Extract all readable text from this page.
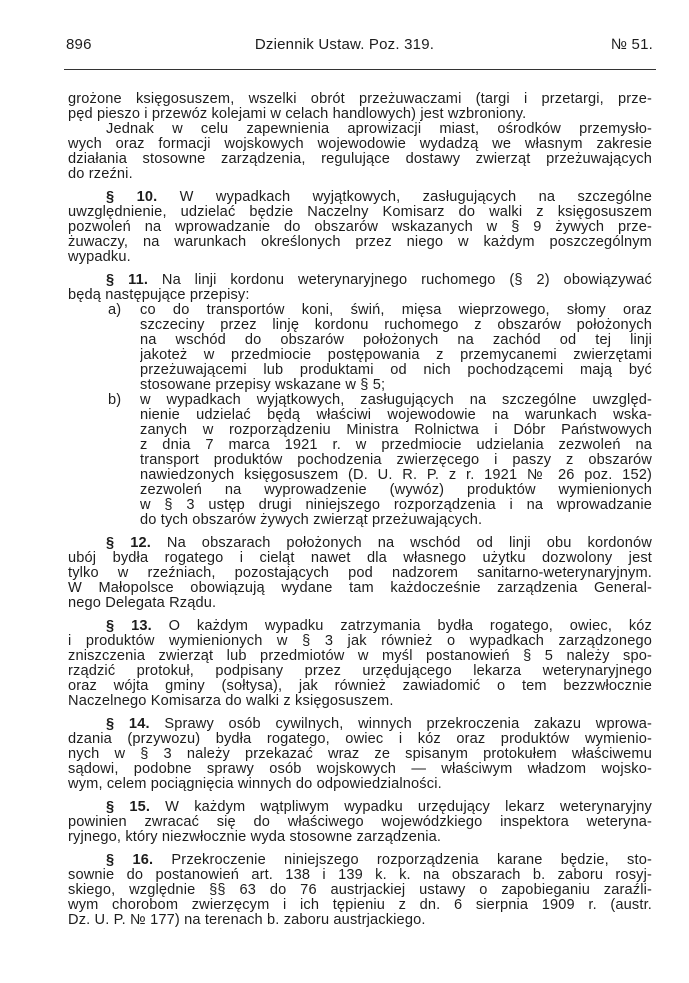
896	Dziennik Ustaw. Poz. 319.	№ 51.
grożone księgosuszem, wszelki obrót przeżuwaczami (targi i przetargi, prze-
pęd pieszo i przewóz kolejami w celach handlowych) jest wzbroniony.
Jednak w celu zapewnienia aprowizacji miast, ośrodków przemysło-
wych oraz formacji wojskowych wojewodowie wydadzą we własnym zakresie
działania stosowne zarządzenia, regulujące dostawy zwierząt przeżuwających
do rzeźni.
§ 10. W wypadkach wyjątkowych, zasługujących na szczególne
uwzględnienie, udzielać będzie Naczelny Komisarz do walki z księgosuszem
pozwoleń na wprowadzanie do obszarów wskazanych w § 9 żywych prze-
żuwaczy, na warunkach określonych przez niego w każdym poszczególnym
wypadku.
§ 11. Na linji kordonu weterynaryjnego ruchomego (§ 2) obowiązywać
będą następujące przepisy:
a) co do transportów koni, świń, mięsa wieprzowego, słomy oraz
szczeciny przez linję kordonu ruchomego z obszarów położonych
na wschód do obszarów położonych na zachód od tej linji
jakoteż w przedmiocie postępowania z przemycanemi zwierzętami
przeżuwającemi lub produktami od nich pochodzącemi mają być
stosowane przepisy wskazane w § 5;
b) w wypadkach wyjątkowych, zasługujących na szczególne uwzględ-
nienie udzielać będą właściwi wojewodowie na warunkach wska-
zanych w rozporządzeniu Ministra Rolnictwa i Dóbr Państwowych
z dnia 7 marca 1921 r. w przedmiocie udzielania zezwoleń na
transport produktów pochodzenia zwierzęcego i paszy z obszarów
nawiedzonych księgosuszem (D. U. R. P. z r. 1921 № 26 poz. 152)
zezwoleń na wyprowadzenie (wywóz) produktów wymienionych
w § 3 ustęp drugi niniejszego rozporządzenia i na wprowadzanie
do tych obszarów żywych zwierząt przeżuwających.
§ 12. Na obszarach położonych na wschód od linji obu kordonów
ubój bydła rogatego i cieląt nawet dla własnego użytku dozwolony jest
tylko w rzeźniach, pozostających pod nadzorem sanitarno-weterynaryjnym.
W Małopolsce obowiązują wydane tam każdocześnie zarządzenia General-
nego Delegata Rządu.
§ 13. O każdym wypadku zatrzymania bydła rogatego, owiec, kóz
i produktów wymienionych w § 3 jak również o wypadkach zarządzonego
zniszczenia zwierząt lub przedmiotów w myśl postanowień § 5 należy spo-
rządzić protokuł, podpisany przez urzędującego lekarza weterynaryjnego
oraz wójta gminy (sołtysa), jak również zawiadomić o tem bezzwłocznie
Naczelnego Komisarza do walki z księgosuszem.
§ 14. Sprawy osób cywilnych, winnych przekroczenia zakazu wprowa-
dzania (przywozu) bydła rogatego, owiec i kóz oraz produktów wymienio-
nych w § 3 należy przekazać wraz ze spisanym protokułem właściwemu
sądowi, podobne sprawy osób wojskowych — właściwym władzom wojsko-
wym, celem pociągnięcia winnych do odpowiedzialności.
§ 15. W każdym wątpliwym wypadku urzędujący lekarz weterynaryjny
powinien zwracać się do właściwego wojewódzkiego inspektora weteryna-
ryjnego, który niezwłocznie wyda stosowne zarządzenia.
§ 16. Przekroczenie niniejszego rozporządzenia karane będzie, sto-
sownie do postanowień art. 138 i 139 k. k. na obszarach b. zaboru rosyj-
skiego, względnie §§ 63 do 76 austrjackiej ustawy o zapobieganiu zaraźli-
wym chorobom zwierzęcym i ich tępieniu z dn. 6 sierpnia 1909 r. (austr.
Dz. U. P. № 177) na terenach b. zaboru austrjackiego.
